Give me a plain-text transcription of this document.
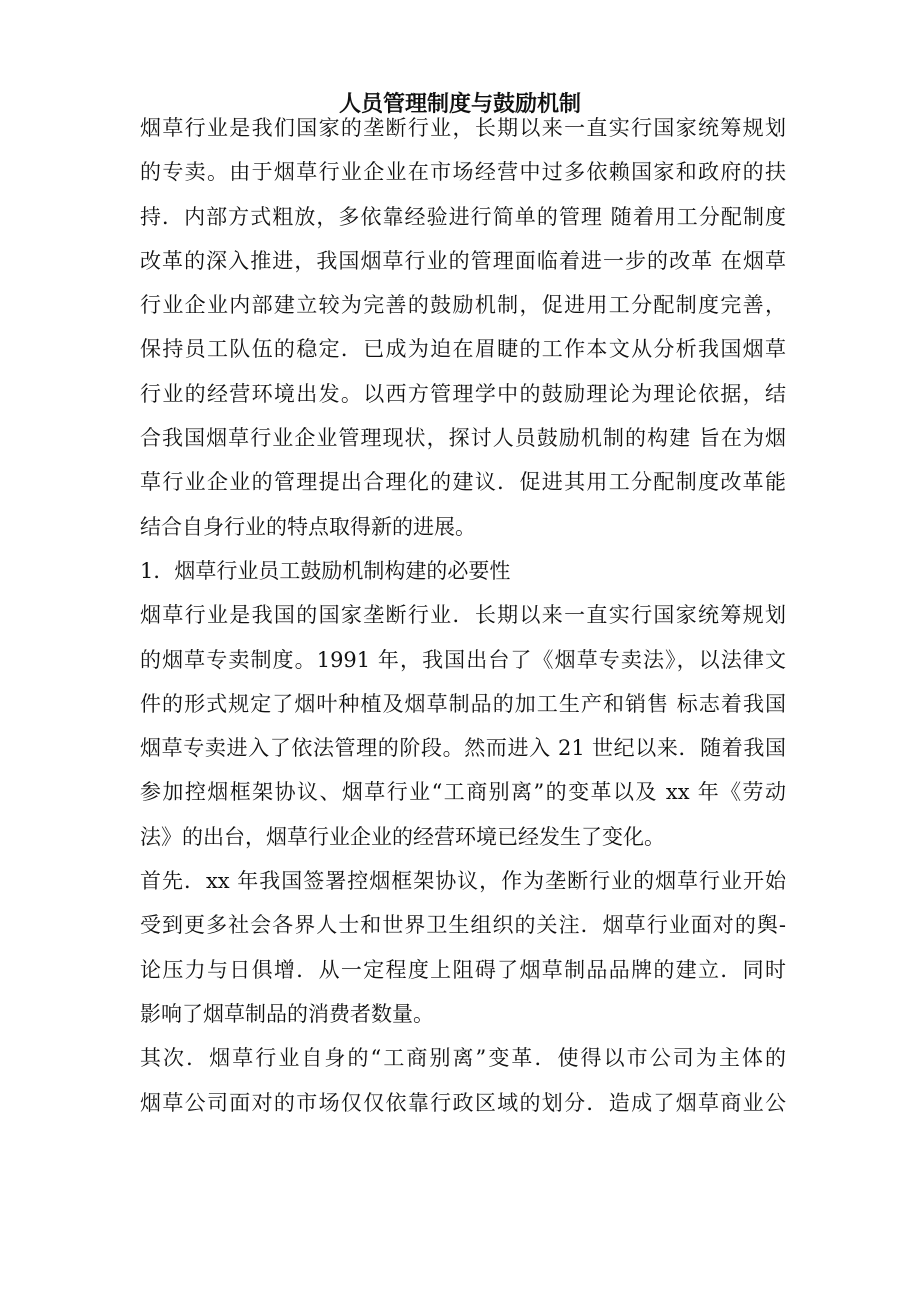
人员管理制度与鼓励机制
烟草行业是我们国家的垄断行业，长期以来一直实行国家统筹规划
的专卖。由于烟草行业企业在市场经营中过多依赖国家和政府的扶
持．内部方式粗放，多依靠经验进行简单的管理 随着用工分配制度
改革的深入推进，我国烟草行业的管理面临着进一步的改革 在烟草
行业企业内部建立较为完善的鼓励机制，促进用工分配制度完善，
保持员工队伍的稳定．已成为迫在眉睫的工作本文从分析我国烟草
行业的经营环境出发。以西方管理学中的鼓励理论为理论依据，结
合我国烟草行业企业管理现状，探讨人员鼓励机制的构建 旨在为烟
草行业企业的管理提出合理化的建议．促进其用工分配制度改革能
结合自身行业的特点取得新的进展。
1．烟草行业员工鼓励机制构建的必要性
烟草行业是我国的国家垄断行业．长期以来一直实行国家统筹规划
的烟草专卖制度。1991 年，我国出台了《烟草专卖法》，以法律文
件的形式规定了烟叶种植及烟草制品的加工生产和销售 标志着我国
烟草专卖进入了依法管理的阶段。然而进入 21 世纪以来．随着我国
参加控烟框架协议、烟草行业“工商别离”的变革以及 xx 年《劳动
法》的出台，烟草行业企业的经营环境已经发生了变化。
首先．xx 年我国签署控烟框架协议，作为垄断行业的烟草行业开始
受到更多社会各界人士和世界卫生组织的关注．烟草行业面对的舆-
论压力与日俱增．从一定程度上阻碍了烟草制品品牌的建立．同时
影响了烟草制品的消费者数量。
其次．烟草行业自身的“工商别离”变革．使得以市公司为主体的
烟草公司面对的市场仅仅依靠行政区域的划分．造成了烟草商业公
